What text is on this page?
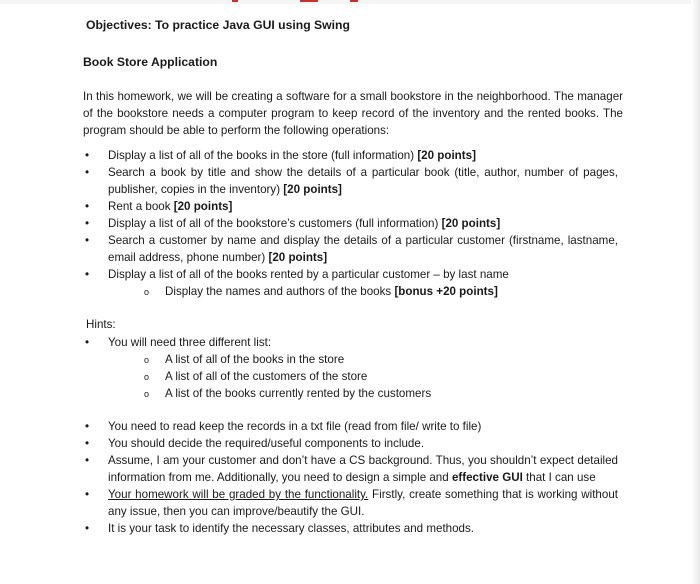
Objectives: To practice Java GUI using Swing
Book Store Application
In this homework, we will be creating a software for a small bookstore in the neighborhood. The manager of the bookstore needs a computer program to keep record of the inventory and the rented books. The program should be able to perform the following operations:
• Display a list of all of the books in the store (full information) [20 points]
• Search a book by title and show the details of a particular book (title, author, number of pages, publisher, copies in the inventory) [20 points]
• Rent a book [20 points]
• Display a list of all of the bookstore’s customers (full information) [20 points]
• Search a customer by name and display the details of a particular customer (firstname, lastname, email address, phone number) [20 points]
• Display a list of all of the books rented by a particular customer – by last name
o Display the names and authors of the books [bonus +20 points]
Hints:
• You will need three different list:
o A list of all of the books in the store
o A list of all of the customers of the store
o A list of the books currently rented by the customers
• You need to read keep the records in a txt file (read from file/ write to file)
• You should decide the required/useful components to include.
• Assume, I am your customer and don’t have a CS background. Thus, you shouldn’t expect detailed information from me. Additionally, you need to design a simple and effective GUI that I can use
• Your homework will be graded by the functionality. Firstly, create something that is working without any issue, then you can improve/beautify the GUI.
• It is your task to identify the necessary classes, attributes and methods.
